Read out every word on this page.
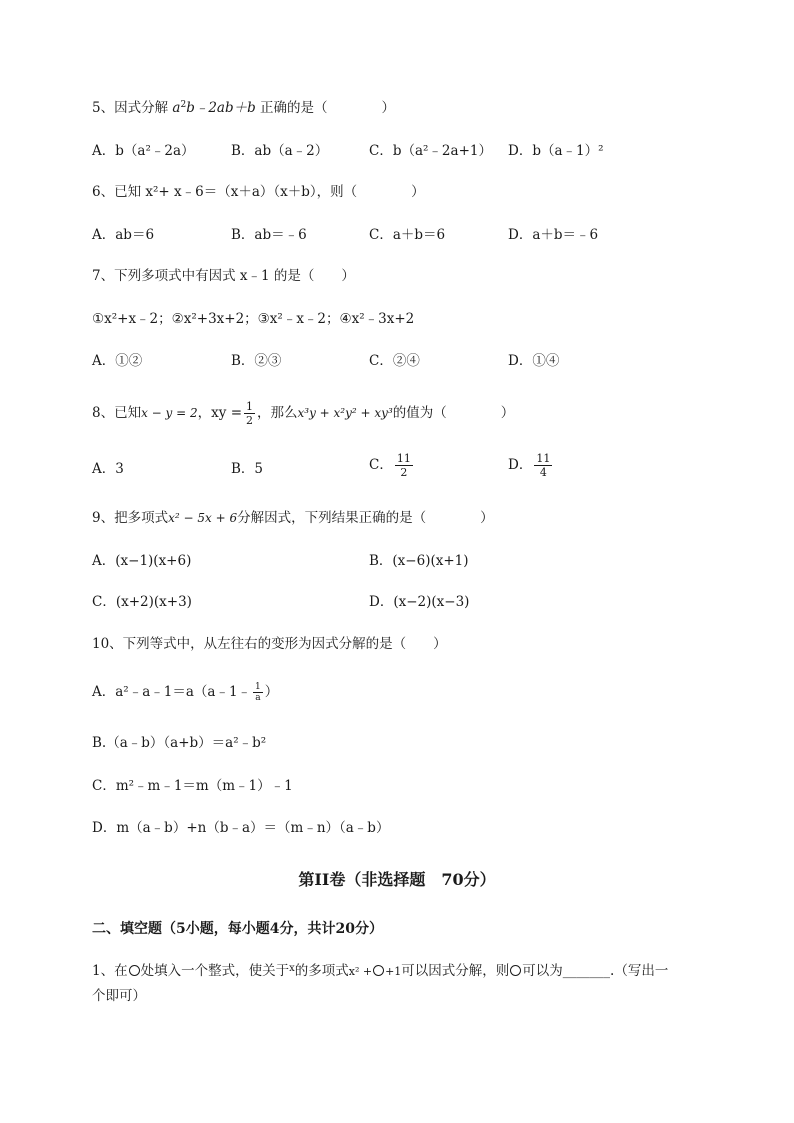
5、因式分解 $a^2b﹣2ab+b$ 正确的是（　　　　）
A．b（a²﹣2a）	B．ab（a﹣2）	C．b（a²﹣2a+1） D．b（a﹣1）²
6、已知 x²+ x﹣6＝（x＋a）（x＋b），则（　　　　）
A．ab＝6	B．ab＝﹣6	C．a＋b＝6	D．a＋b＝﹣6
7、下列多项式中有因式 x﹣1 的是（　　）
①x²+x﹣2；②x²+3x+2；③x²﹣x﹣2；④x²﹣3x+2
A．①②	B．②③	C．②④	D．①④
8、已知x − y = 2，xy = $\frac{1}{2}$ ，那么x³y + x²y² + xy³的值为（　　　　）
A．3	B．5	C． $\frac{11}{2}$	D． $\frac{11}{4}$
9、把多项式x² − 5x + 6分解因式，下列结果正确的是（　　　　）
A．(x−1)(x+6)	B．(x−6)(x+1)
C．(x+2)(x+3)	D．(x−2)(x−3)
10、下列等式中，从左往右的变形为因式分解的是（　　）
A．a²﹣a﹣1＝a（a﹣1﹣ $\frac{1}{a}$ ）
B.（a﹣b）（a+b）＝a²﹣b²
C．m²﹣m﹣1＝m（m﹣1）﹣1
D．m（a﹣b）+n（b﹣a）＝（m﹣n）（a﹣b）
第II卷（非选择题　70分）
二、填空题（5小题，每小题4分，共计20分）
1、在 处填入一个整式，使关于$^x$的多项式x² + +1可以因式分解，则 可以为_______.（写出一
个即可）
